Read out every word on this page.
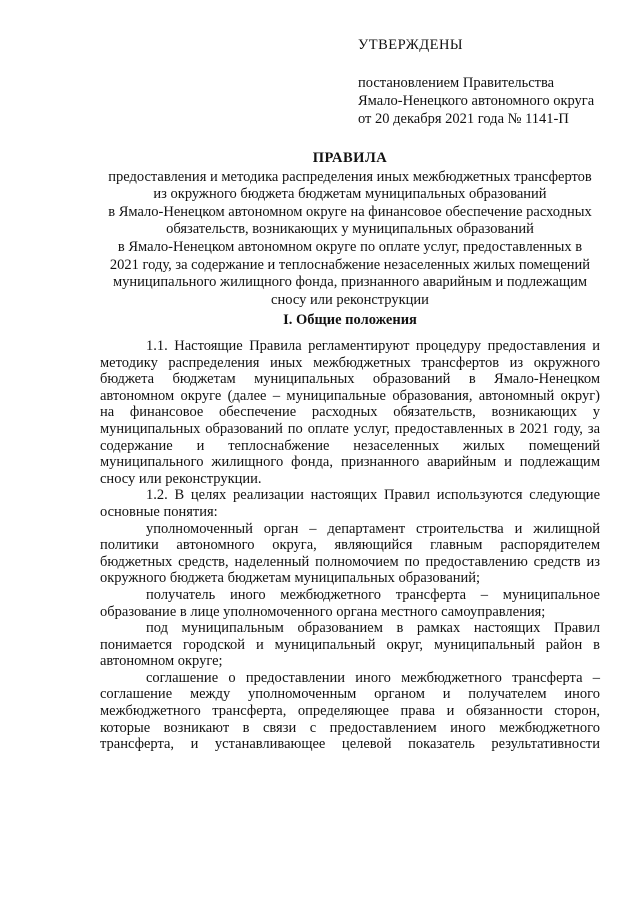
УТВЕРЖДЕНЫ
постановлением Правительства
Ямало-Ненецкого автономного округа
от 20 декабря 2021 года № 1141-П
ПРАВИЛА
предоставления и методика распределения иных межбюджетных трансфертов
из окружного бюджета бюджетам муниципальных образований
в Ямало-Ненецком автономном округе на финансовое обеспечение расходных
обязательств, возникающих у муниципальных образований
в Ямало-Ненецком автономном округе по оплате услуг, предоставленных в
2021 году, за содержание и теплоснабжение незаселенных жилых помещений
муниципального жилищного фонда, признанного аварийным и подлежащим
сносу или реконструкции
I. Общие положения
1.1. Настоящие Правила регламентируют процедуру предоставления и
методику распределения иных межбюджетных трансфертов из окружного
бюджета бюджетам муниципальных образований в Ямало-Ненецком
автономном округе (далее – муниципальные образования, автономный округ)
на финансовое обеспечение расходных обязательств, возникающих у
муниципальных образований по оплате услуг, предоставленных в 2021 году, за
содержание и теплоснабжение незаселенных жилых помещений
муниципального жилищного фонда, признанного аварийным и подлежащим
сносу или реконструкции.
1.2. В целях реализации настоящих Правил используются следующие
основные понятия:
уполномоченный орган – департамент строительства и жилищной
политики автономного округа, являющийся главным распорядителем
бюджетных средств, наделенный полномочием по предоставлению средств из
окружного бюджета бюджетам муниципальных образований;
получатель иного межбюджетного трансферта – муниципальное
образование в лице уполномоченного органа местного самоуправления;
под муниципальным образованием в рамках настоящих Правил
понимается городской и муниципальный округ, муниципальный район в
автономном округе;
соглашение о предоставлении иного межбюджетного трансферта –
соглашение между уполномоченным органом и получателем иного
межбюджетного трансферта, определяющее права и обязанности сторон,
которые возникают в связи с предоставлением иного межбюджетного
трансферта, и устанавливающее целевой показатель результативности
